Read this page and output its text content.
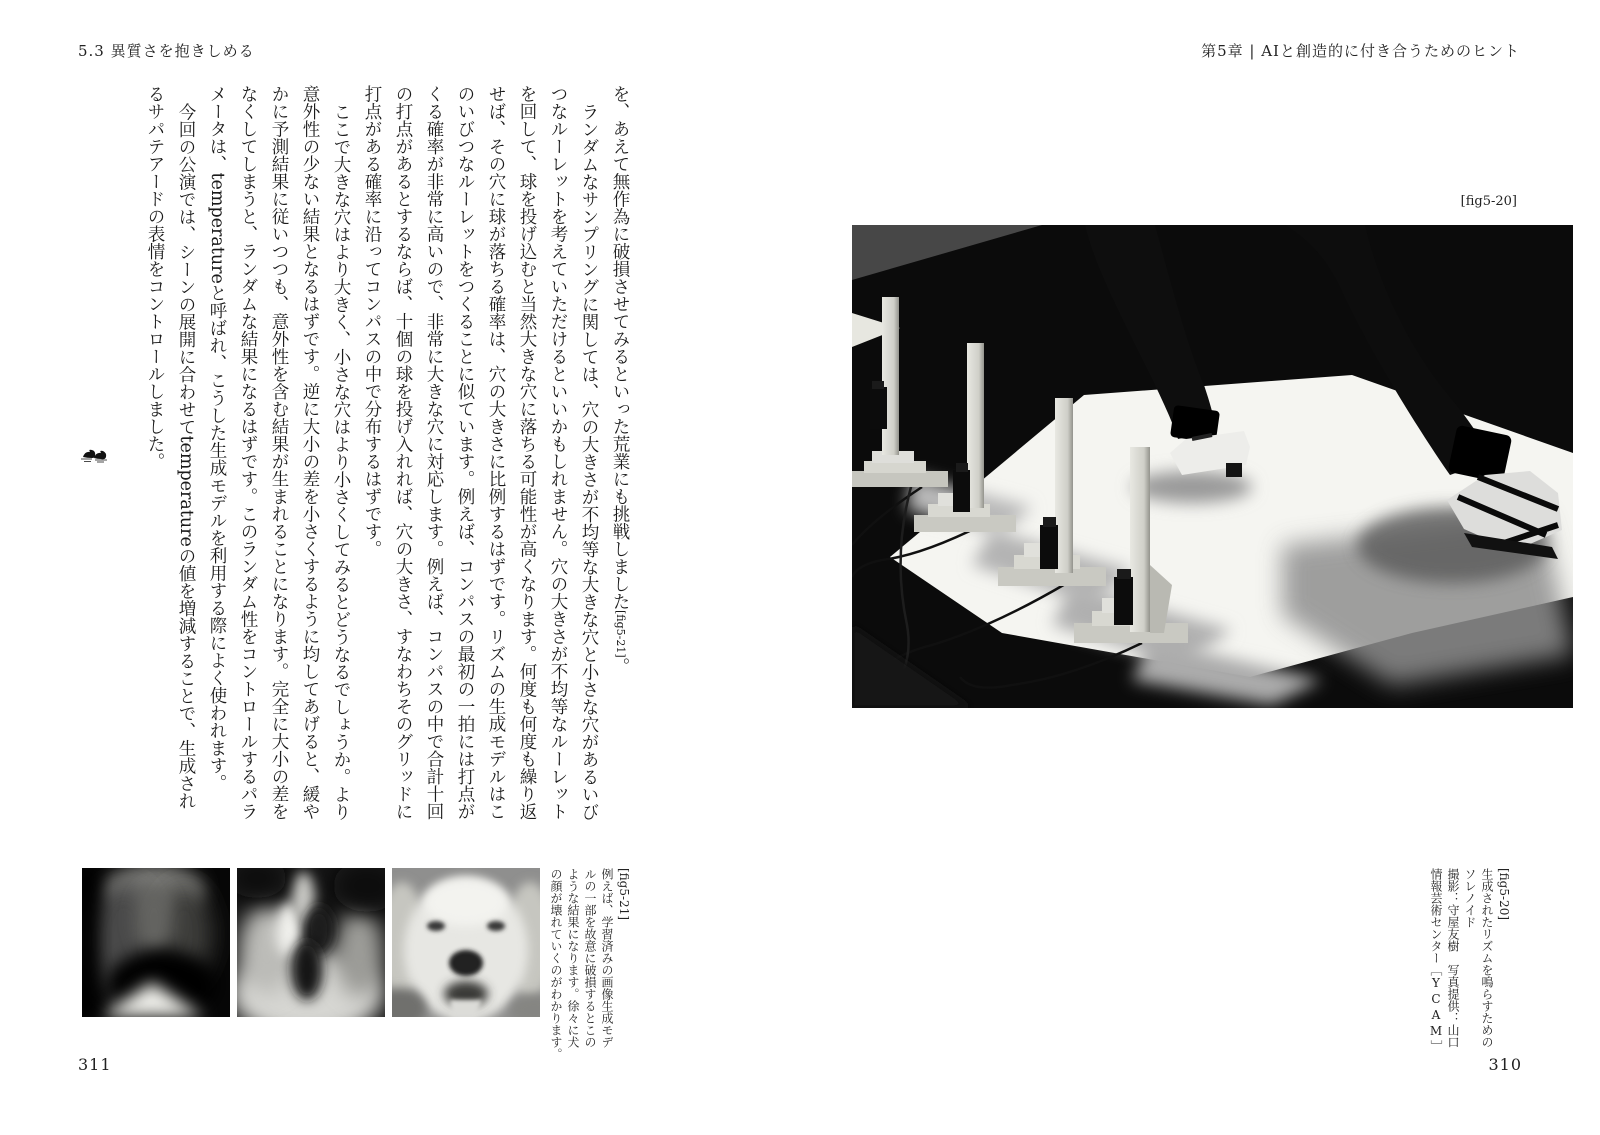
5.3 異質さを抱きしめる	第5章 | AIと創造的に付き合うためのヒント

を、あえて無作為に破損させてみるといった荒業にも挑戦しました[fig5-21]。

ランダムなサンプリングに関しては、穴の大きさが不均等な大きな穴と小さな穴があるいびつなルーレットを考えていただけるといいかもしれません。穴の大きさが不均等なルーレットを回して、球を投げ込むと当然大きな穴に落ちる可能性が高くなります。何度も何度も繰り返せば、その穴に球が落ちる確率は、穴の大きさに比例するはずです。リズムの生成モデルはこのいびつなルーレットをつくることに似ています。例えば、コンパスの最初の一拍には打点がくる確率が非常に高いので、非常に大きな穴に対応します。例えば、コンパスの中で合計十回の打点があるとするならば、十個の球を投げ入れれば、穴の大きさ、すなわちそのグリッドに打点がある確率に沿ってコンパスの中で分布するはずです。

ここで大きな穴はより大きく、小さな穴はより小さくしてみるとどうなるでしょうか。より意外性の少ない結果となるはずです。逆に大小の差を小さくするように均してあげると、緩やかに予測結果に従いつつも、意外性を含む結果が生まれることになります。完全に大小の差をなくしてしまうと、ランダムな結果になるはずです。このランダム性をコントロールするパラメータは、temperatureと呼ばれ、こうした生成モデルを利用する際によく使われます。

今回の公演では、シーンの展開に合わせてtemperatureの値を増減することで、生成されるサパテアードの表情をコントロールしました。	[fig5-20]

[fig5-20]

生成されたリズムを鳴らすための

ソレノイド

撮影：守屋友樹　写真提供：山口

情報芸術センター［YCAM］

[fig5-21]

例えば、学習済みの画像生成モデ

ルの一部を故意に破損するとこの

ような結果になります。徐々に犬

の顔が壊れていくのがわかります。

311	310
